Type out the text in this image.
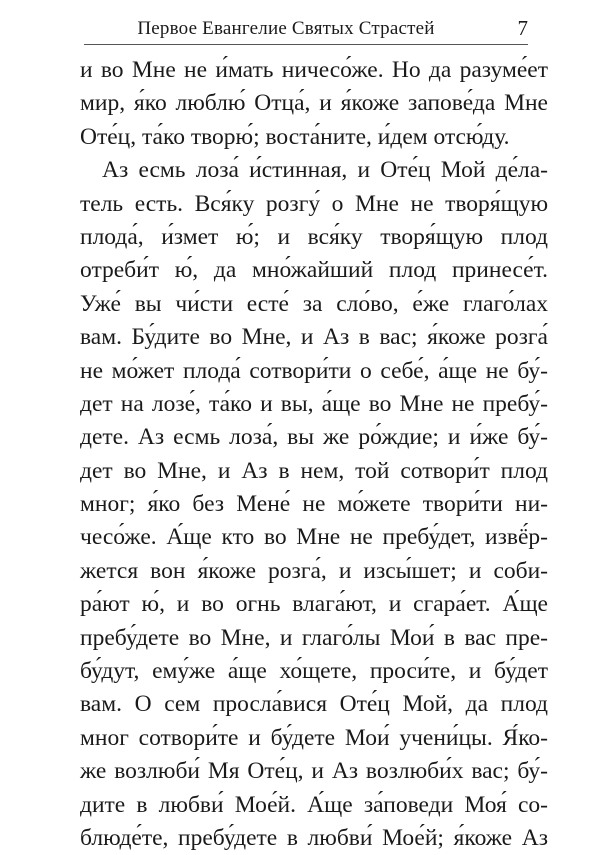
Первое Евангелие Святых Страстей	7
и во Мне не и́мать ничесо́же. Но да разуме́ет
мир, я́ко люблю́ Отца́, и я́коже запове́да Мне
Оте́ц, та́ко творю́; воста́ните, и́дем отсю́ду.
Аз есмь лоза́ и́стинная, и Оте́ц Мой де́ла-
тель есть. Вся́ку розгу́ о Мне не творя́щую
плода́, и́змет ю́; и вся́ку творя́щую плод
отреби́т ю́, да мно́жайший плод принесе́т.
Уже́ вы чи́сти есте́ за сло́во, е́же глаго́лах
вам. Бу́дите во Мне, и Аз в вас; я́коже розга́
не мо́жет плода́ сотвори́ти о себе́, а́ще не бу́-
дет на лозе́, та́ко и вы, а́ще во Мне не пребу́-
дете. Аз есмь лоза́, вы же ро́ждие; и и́же бу́-
дет во Мне, и Аз в нем, той сотвори́т плод
мног; я́ко без Мене́ не мо́жете твори́ти ни-
чесо́же. А́ще кто во Мне не пребу́дет, извё́р-
жется вон я́коже розга́, и изсы́шет; и соби-
ра́ют ю́, и во огнь влага́ют, и сгара́ет. А́ще
пребу́дете во Мне, и глаго́лы Мои́ в вас пре-
бу́дут, ему́же а́ще хо́щете, проси́те, и бу́дет
вам. О сем просла́вися Оте́ц Мой, да плод
мног сотвори́те и бу́дете Мои́ учени́цы. Я́ко-
же возлюби́ Мя Оте́ц, и Аз возлюби́х вас; бу́-
дите в любви́ Мое́й. А́ще за́поведи Моя́ со-
блюде́те, пребу́дете в любви́ Мое́й; я́коже Аз
